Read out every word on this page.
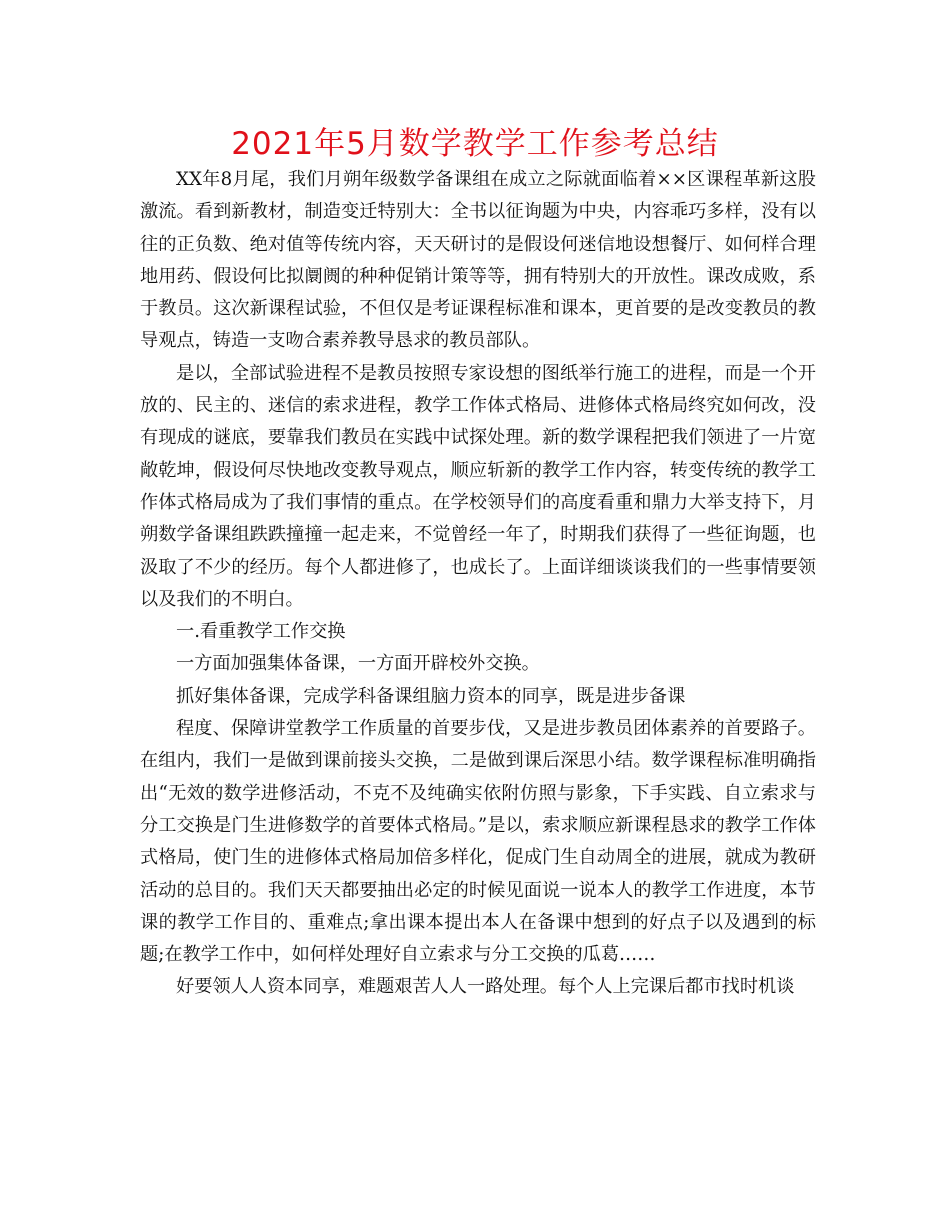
2021年5月数学教学工作参考总结

XX年8月尾，我们月朔年级数学备课组在成立之际就面临着××区课程革新这股激流。看到新教材，制造变迁特别大：全书以征询题为中央，内容乖巧多样，没有以往的正负数、绝对值等传统内容，天天研讨的是假设何迷信地设想餐厅、如何样合理地用药、假设何比拟阛阓的种种促销计策等等，拥有特别大的开放性。课改成败，系于教员。这次新课程试验，不但仅是考证课程标准和课本，更首要的是改变教员的教导观点，铸造一支吻合素养教导恳求的教员部队。

是以，全部试验进程不是教员按照专家设想的图纸举行施工的进程，而是一个开放的、民主的、迷信的索求进程，教学工作体式格局、进修体式格局终究如何改，没有现成的谜底，要靠我们教员在实践中试探处理。新的数学课程把我们领进了一片宽敞乾坤，假设何尽快地改变教导观点，顺应斩新的教学工作内容，转变传统的教学工作体式格局成为了我们事情的重点。在学校领导们的高度看重和鼎力大举支持下，月朔数学备课组跌跌撞撞一起走来，不觉曾经一年了，时期我们获得了一些征询题，也汲取了不少的经历。每个人都进修了，也成长了。上面详细谈谈我们的一些事情要领以及我们的不明白。

一.看重教学工作交换

一方面加强集体备课，一方面开辟校外交换。

抓好集体备课，完成学科备课组脑力资本的同享，既是进步备课

程度、保障讲堂教学工作质量的首要步伐，又是进步教员团体素养的首要路子。在组内，我们一是做到课前接头交换，二是做到课后深思小结。数学课程标准明确指出“无效的数学进修活动，不克不及纯确实依附仿照与影象，下手实践、自立索求与分工交换是门生进修数学的首要体式格局。”是以，索求顺应新课程恳求的教学工作体式格局，使门生的进修体式格局加倍多样化，促成门生自动周全的进展，就成为教研活动的总目的。我们天天都要抽出必定的时候见面说一说本人的教学工作进度，本节课的教学工作目的、重难点;拿出课本提出本人在备课中想到的好点子以及遇到的标题;在教学工作中，如何样处理好自立索求与分工交换的瓜葛……

好要领人人资本同享，难题艰苦人人一路处理。每个人上完课后都市找时机谈
